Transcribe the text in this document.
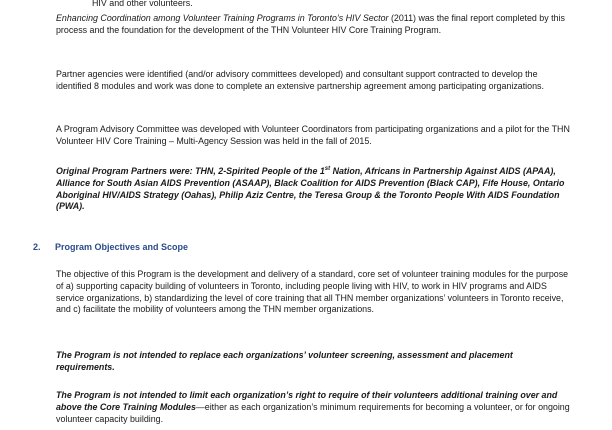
HIV and other volunteers.

Enhancing Coordination among Volunteer Training Programs in Toronto’s HIV Sector (2011) was the final report completed by this process and the foundation for the development of the THN Volunteer HIV Core Training Program.

Partner agencies were identified (and/or advisory committees developed) and consultant support contracted to develop the identified 8 modules and work was done to complete an extensive partnership agreement among participating organizations.

A Program Advisory Committee was developed with Volunteer Coordinators from participating organizations and a pilot for the THN Volunteer HIV Core Training – Multi-Agency Session was held in the fall of 2015.

Original Program Partners were: THN, 2-Spirited People of the 1st Nation, Africans in Partnership Against AIDS (APAA), Alliance for South Asian AIDS Prevention (ASAAP), Black Coalition for AIDS Prevention (Black CAP), Fife House, Ontario Aboriginal HIV/AIDS Strategy (Oahas), Philip Aziz Centre, the Teresa Group & the Toronto People With AIDS Foundation (PWA).

2. Program Objectives and Scope

The objective of this Program is the development and delivery of a standard, core set of volunteer training modules for the purpose of a) supporting capacity building of volunteers in Toronto, including people living with HIV, to work in HIV programs and AIDS service organizations, b) standardizing the level of core training that all THN member organizations’ volunteers in Toronto receive, and c) facilitate the mobility of volunteers among the THN member organizations.

The Program is not intended to replace each organizations’ volunteer screening, assessment and placement requirements.

The Program is not intended to limit each organization’s right to require of their volunteers additional training over and above the Core Training Modules—either as each organization’s minimum requirements for becoming a volunteer, or for ongoing volunteer capacity building.
